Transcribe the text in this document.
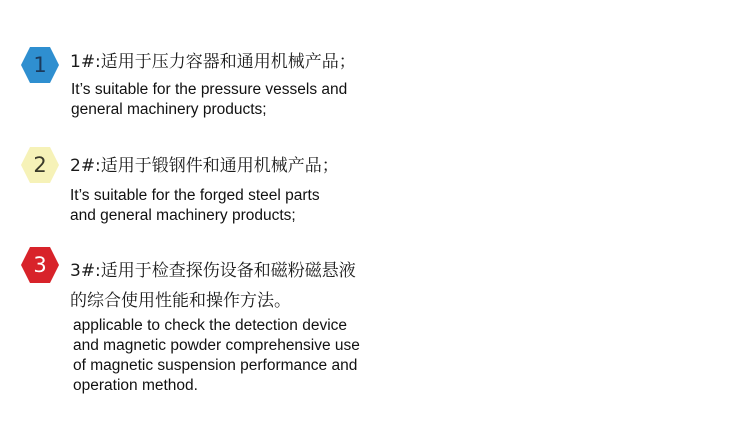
1	1#:适用于压力容器和通用机械产品；
It’s suitable for the pressure vessels and
general machinery products;
2	2#:适用于锻钢件和通用机械产品；
It’s suitable for the forged steel parts
and general machinery products;
3	3#:适用于检查探伤设备和磁粉磁悬液
的综合使用性能和操作方法。
applicable to check the detection device
and magnetic powder comprehensive use
of magnetic suspension performance and
operation method.
